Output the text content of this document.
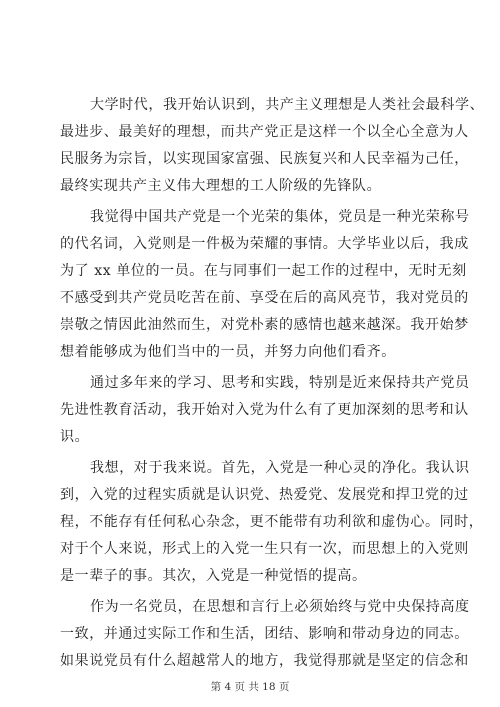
大学时代，我开始认识到，共产主义理想是人类社会最科学、
最进步、最美好的理想，而共产党正是这样一个以全心全意为人
民服务为宗旨，以实现国家富强、民族复兴和人民幸福为己任，
最终实现共产主义伟大理想的工人阶级的先锋队。
我觉得中国共产党是一个光荣的集体，党员是一种光荣称号
的代名词，入党则是一件极为荣耀的事情。大学毕业以后，我成
为了 xx 单位的一员。在与同事们一起工作的过程中，无时无刻
不感受到共产党员吃苦在前、享受在后的高风亮节，我对党员的
崇敬之情因此油然而生，对党朴素的感情也越来越深。我开始梦
想着能够成为他们当中的一员，并努力向他们看齐。
通过多年来的学习、思考和实践，特别是近来保持共产党员
先进性教育活动，我开始对入党为什么有了更加深刻的思考和认
识。
我想，对于我来说。首先，入党是一种心灵的净化。我认识
到，入党的过程实质就是认识党、热爱党、发展党和捍卫党的过
程，不能存有任何私心杂念，更不能带有功利欲和虚伪心。同时，
对于个人来说，形式上的入党一生只有一次，而思想上的入党则
是一辈子的事。其次，入党是一种觉悟的提高。
作为一名党员，在思想和言行上必须始终与党中央保持高度
一致，并通过实际工作和生活，团结、影响和带动身边的同志。
如果说党员有什么超越常人的地方，我觉得那就是坚定的信念和
第 4 页 共 18 页
